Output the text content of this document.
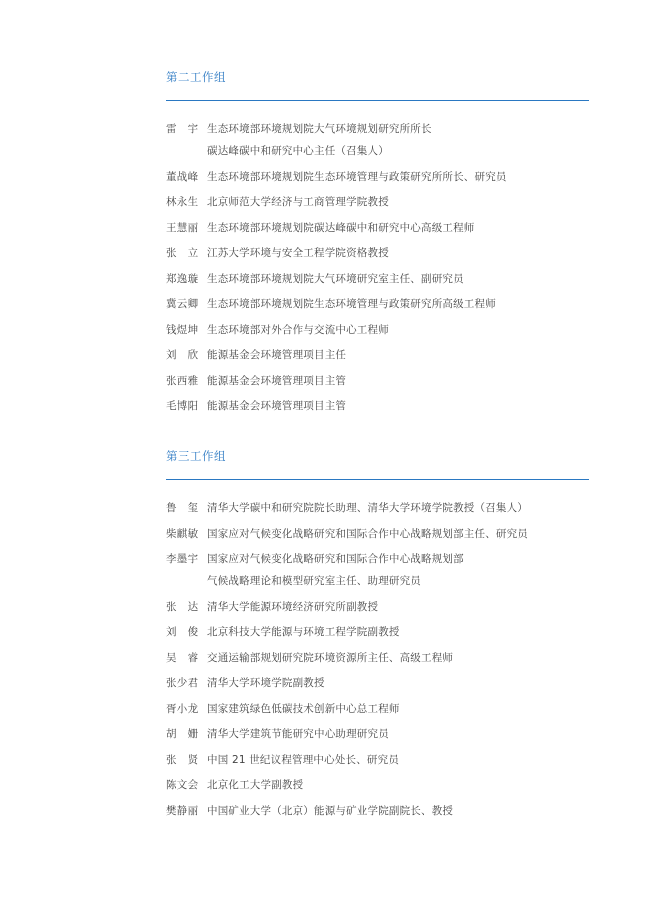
第二工作组
雷　宇 生态环境部环境规划院大气环境规划研究所所长
碳达峰碳中和研究中心主任（召集人）
董战峰 生态环境部环境规划院生态环境管理与政策研究所所长、研究员
林永生 北京师范大学经济与工商管理学院教授
王慧丽 生态环境部环境规划院碳达峰碳中和研究中心高级工程师
张　立 江苏大学环境与安全工程学院资格教授
郑逸璇 生态环境部环境规划院大气环境研究室主任、副研究员
冀云卿 生态环境部环境规划院生态环境管理与政策研究所高级工程师
钱煜坤 生态环境部对外合作与交流中心工程师
刘　欣 能源基金会环境管理项目主任
张西雅 能源基金会环境管理项目主管
毛博阳 能源基金会环境管理项目主管
第三工作组
鲁　玺 清华大学碳中和研究院院长助理、清华大学环境学院教授（召集人）
柴麒敏 国家应对气候变化战略研究和国际合作中心战略规划部主任、研究员
李墨宇 国家应对气候变化战略研究和国际合作中心战略规划部
气候战略理论和模型研究室主任、助理研究员
张　达 清华大学能源环境经济研究所副教授
刘　俊 北京科技大学能源与环境工程学院副教授
吴　睿 交通运输部规划研究院环境资源所主任、高级工程师
张少君 清华大学环境学院副教授
胥小龙 国家建筑绿色低碳技术创新中心总工程师
胡　姗 清华大学建筑节能研究中心助理研究员
张　贤 中国 21 世纪议程管理中心处长、研究员
陈文会 北京化工大学副教授
樊静丽 中国矿业大学（北京）能源与矿业学院副院长、教授
